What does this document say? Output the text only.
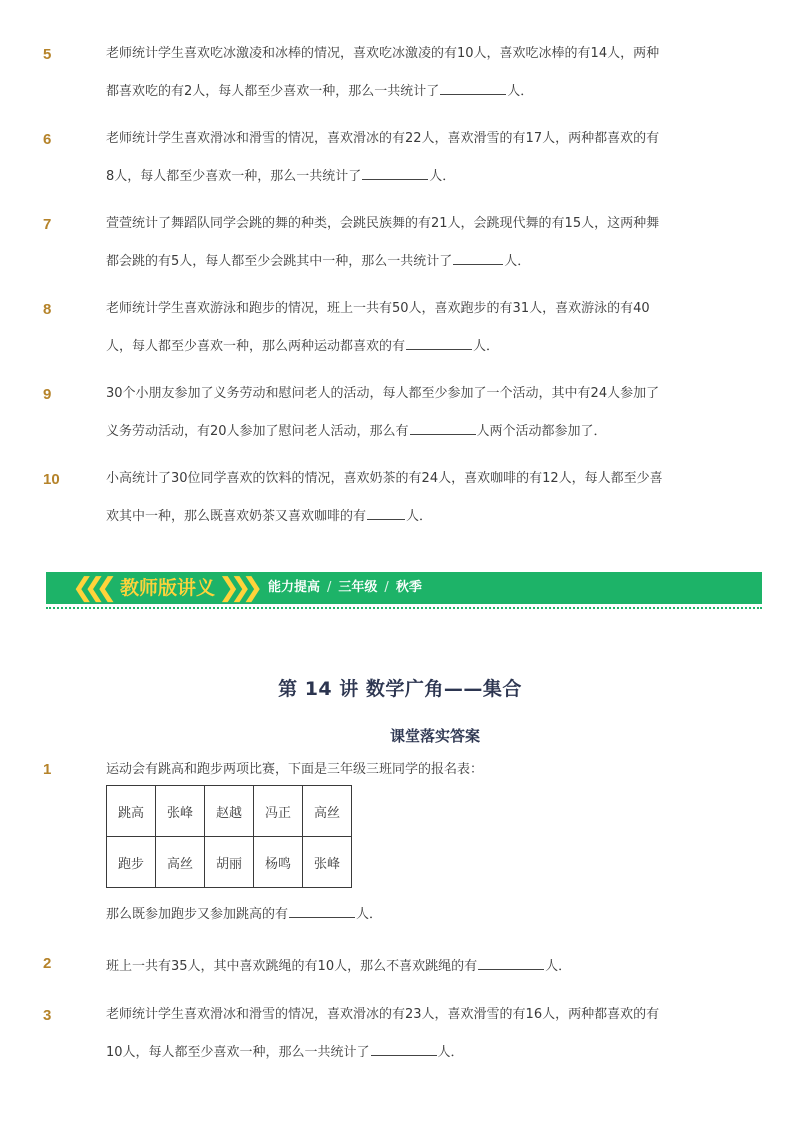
5	老师统计学生喜欢吃冰激凌和冰棒的情况，喜欢吃冰激凌的有10人，喜欢吃冰棒的有14人，两种
都喜欢吃的有2人，每人都至少喜欢一种，那么一共统计了	人．
6	老师统计学生喜欢滑冰和滑雪的情况，喜欢滑冰的有22人，喜欢滑雪的有17人，两种都喜欢的有
8人，每人都至少喜欢一种，那么一共统计了	人．
7	萱萱统计了舞蹈队同学会跳的舞的种类，会跳民族舞的有21人，会跳现代舞的有15人，这两种舞
都会跳的有5人，每人都至少会跳其中一种，那么一共统计了	人．
8	老师统计学生喜欢游泳和跑步的情况，班上一共有50人，喜欢跑步的有31人，喜欢游泳的有40
人，每人都至少喜欢一种，那么两种运动都喜欢的有	人．
9	30个小朋友参加了义务劳动和慰问老人的活动，每人都至少参加了一个活动，其中有24人参加了
义务劳动活动，有20人参加了慰问老人活动，那么有	人两个活动都参加了．
10	小高统计了30位同学喜欢的饮料的情况，喜欢奶茶的有24人，喜欢咖啡的有12人，每人都至少喜
欢其中一种，那么既喜欢奶茶又喜欢咖啡的有	人．
❮❮❮ 教师版讲义 ❯❯❯ 能力提高 / 三年级 / 秋季
第 14 讲 数学广角——集合
课堂落实答案
1	运动会有跳高和跑步两项比赛，下面是三年级三班同学的报名表：
跳高	张峰	赵越	冯正	高丝
跑步	高丝	胡丽	杨鸣	张峰
那么既参加跑步又参加跳高的有	人．
2	班上一共有35人，其中喜欢跳绳的有10人，那么不喜欢跳绳的有	人．
3	老师统计学生喜欢滑冰和滑雪的情况，喜欢滑冰的有23人，喜欢滑雪的有16人，两种都喜欢的有
10人，每人都至少喜欢一种，那么一共统计了	人．
